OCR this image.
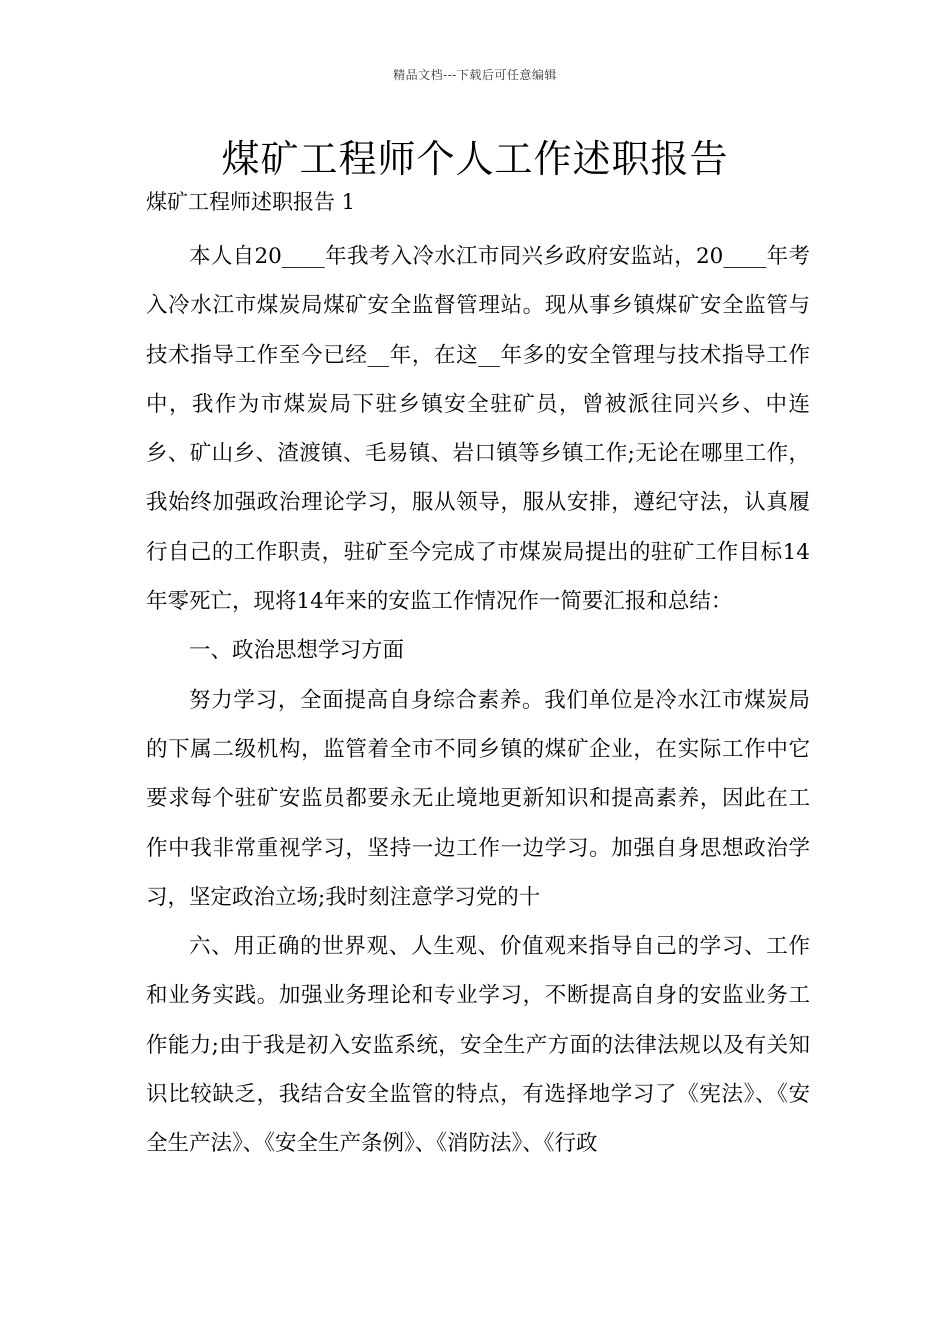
精品文档---下载后可任意编辑
煤矿工程师个人工作述职报告
煤矿工程师述职报告 1

本人自20____年我考入冷水江市同兴乡政府安监站，20____年考入冷水江市煤炭局煤矿安全监督管理站。现从事乡镇煤矿安全监管与技术指导工作至今已经__年，在这__年多的安全管理与技术指导工作中，我作为市煤炭局下驻乡镇安全驻矿员，曾被派往同兴乡、中连乡、矿山乡、渣渡镇、毛易镇、岩口镇等乡镇工作;无论在哪里工作，我始终加强政治理论学习，服从领导，服从安排，遵纪守法，认真履行自己的工作职责，驻矿至今完成了市煤炭局提出的驻矿工作目标14年零死亡，现将14年来的安监工作情况作一简要汇报和总结：

一、政治思想学习方面

努力学习，全面提高自身综合素养。我们单位是冷水江市煤炭局的下属二级机构，监管着全市不同乡镇的煤矿企业，在实际工作中它要求每个驻矿安监员都要永无止境地更新知识和提高素养，因此在工作中我非常重视学习，坚持一边工作一边学习。加强自身思想政治学习，坚定政治立场;我时刻注意学习党的十

六、用正确的世界观、人生观、价值观来指导自己的学习、工作和业务实践。加强业务理论和专业学习，不断提高自身的安监业务工作能力;由于我是初入安监系统，安全生产方面的法律法规以及有关知识比较缺乏，我结合安全监管的特点，有选择地学习了《宪法》、《安全生产法》、《安全生产条例》、《消防法》、《行政
